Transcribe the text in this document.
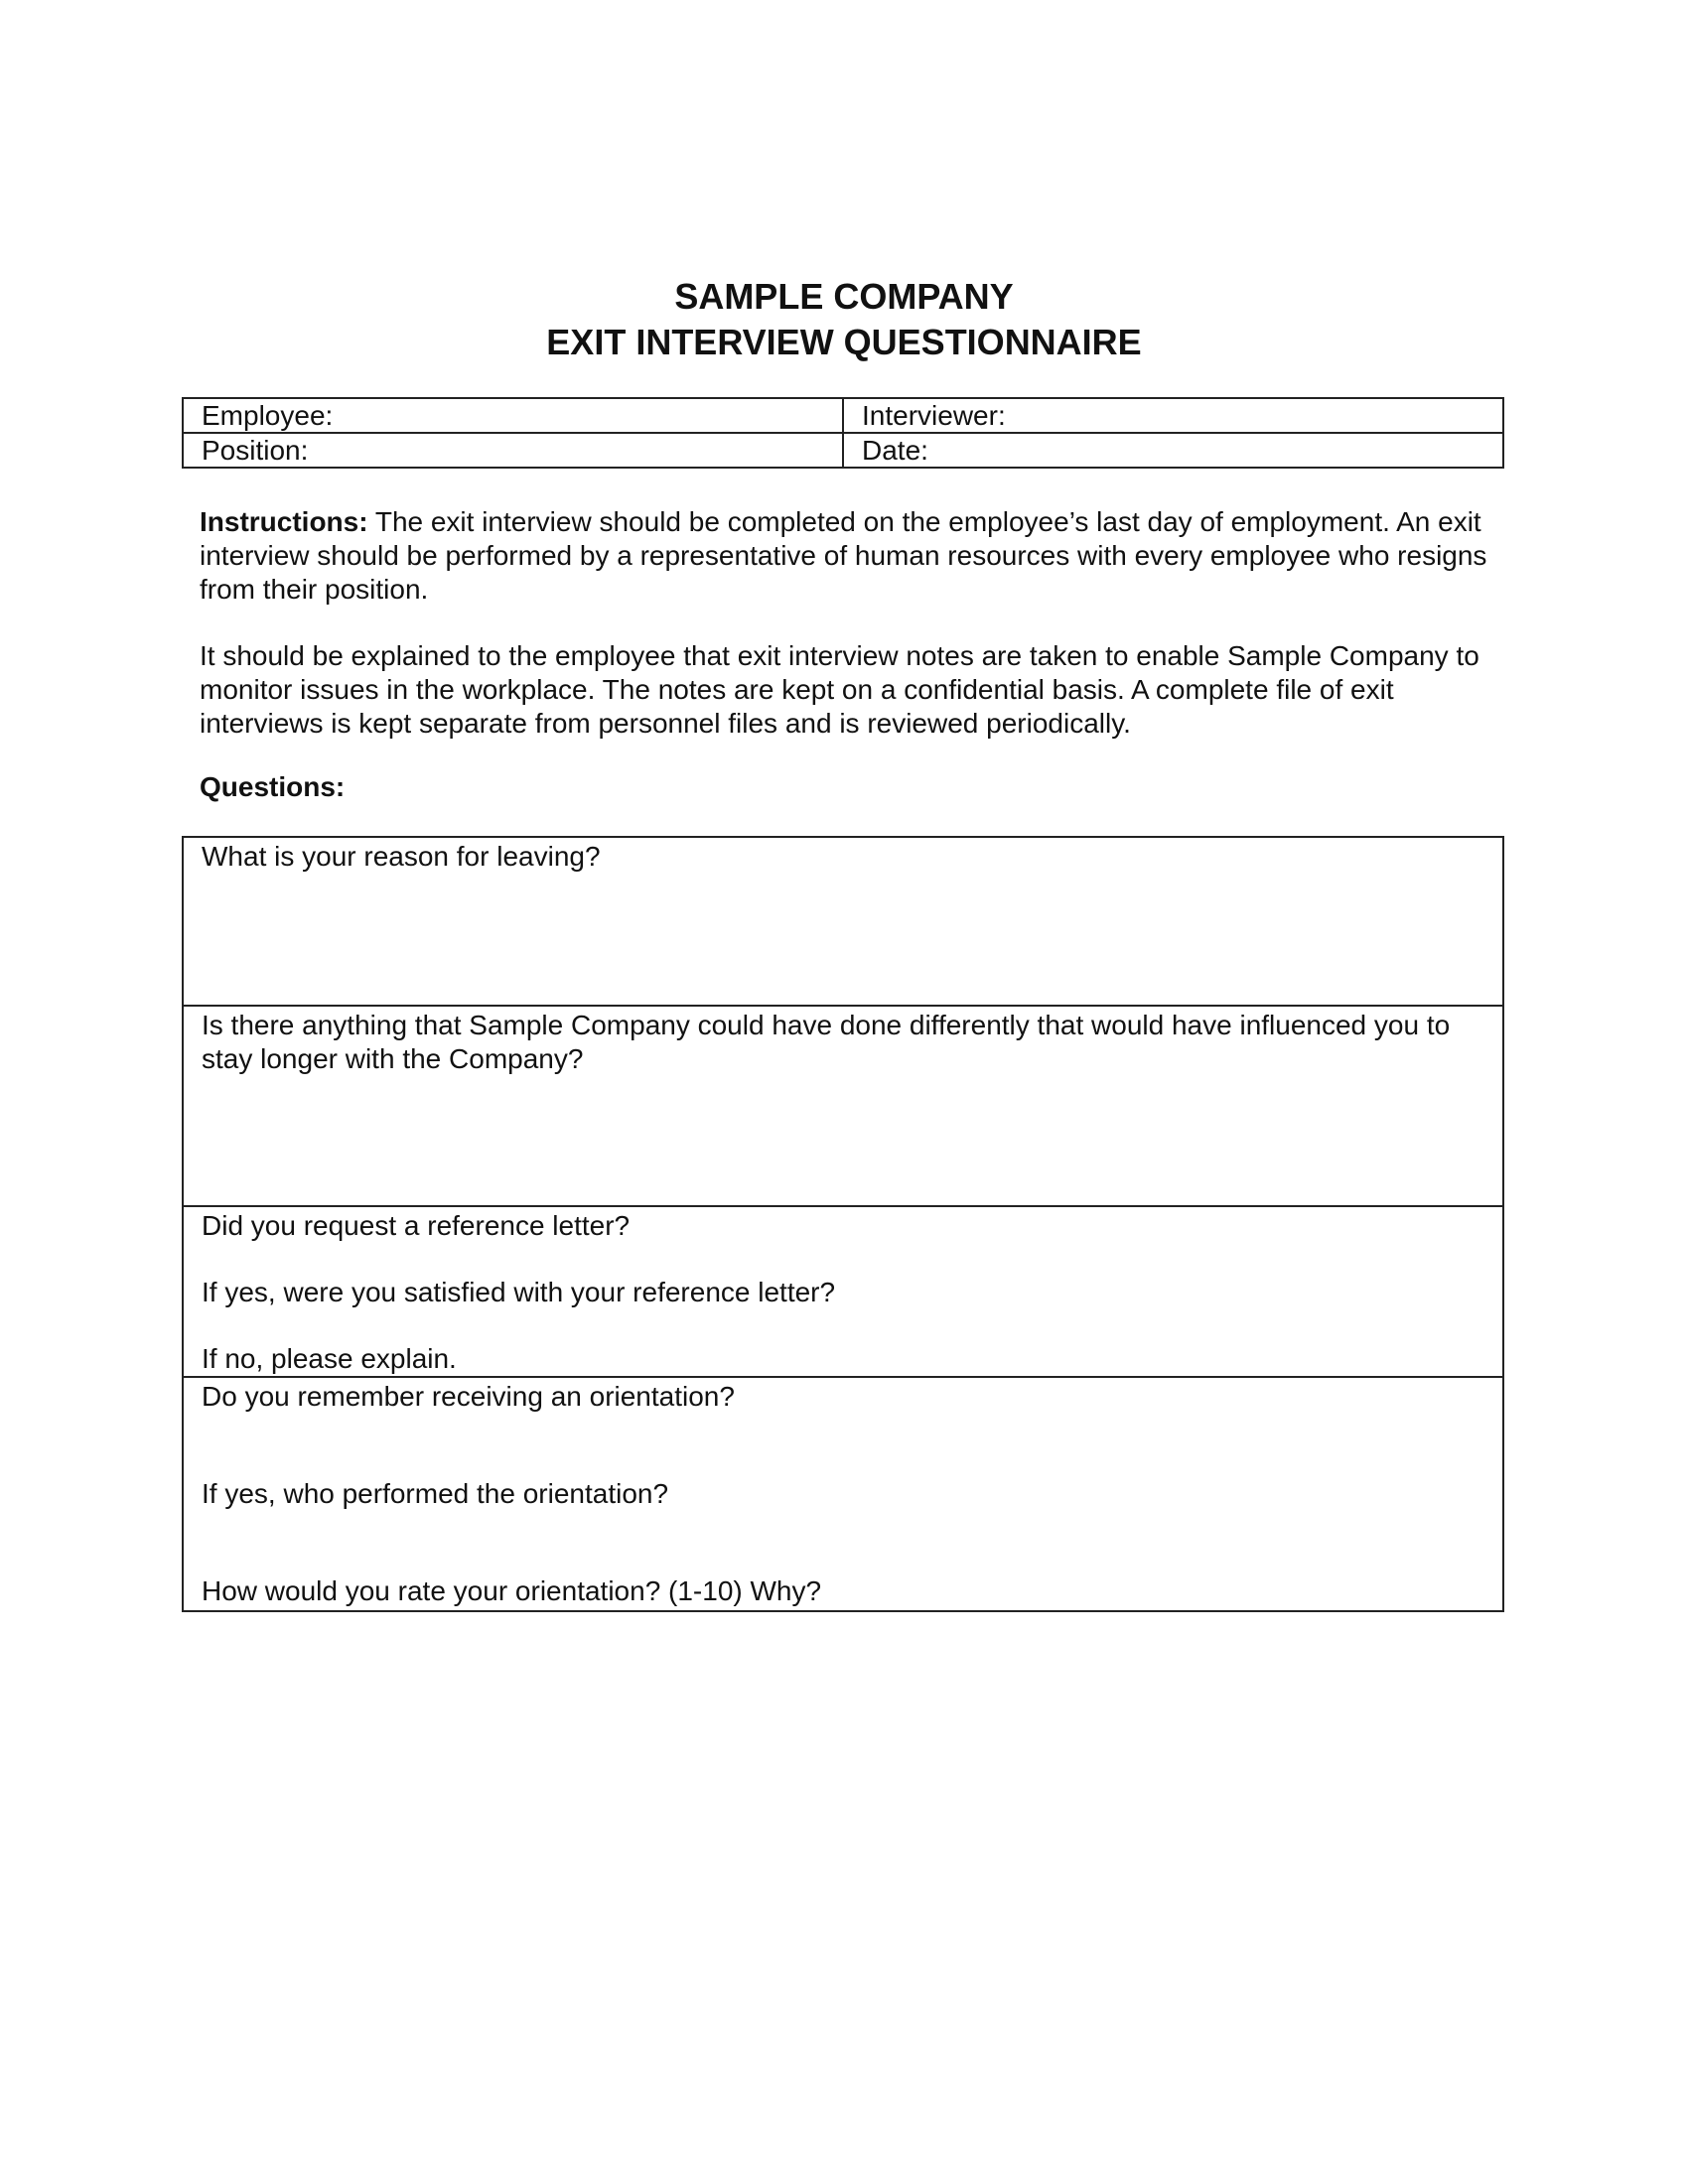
SAMPLE COMPANY
EXIT INTERVIEW QUESTIONNAIRE
Employee:	Interviewer:
Position:	Date:

Instructions: The exit interview should be completed on the employee’s last day of employment. An exit interview should be performed by a representative of human resources with every employee who resigns from their position.

It should be explained to the employee that exit interview notes are taken to enable Sample Company to monitor issues in the workplace. The notes are kept on a confidential basis. A complete file of exit interviews is kept separate from personnel files and is reviewed periodically.

Questions:
What is your reason for leaving?

Is there anything that Sample Company could have done differently that would have influenced you to stay longer with the Company?

Did you request a reference letter?
If yes, were you satisfied with your reference letter?
If no, please explain.

Do you remember receiving an orientation?
If yes, who performed the orientation?
How would you rate your orientation? (1-10) Why?
